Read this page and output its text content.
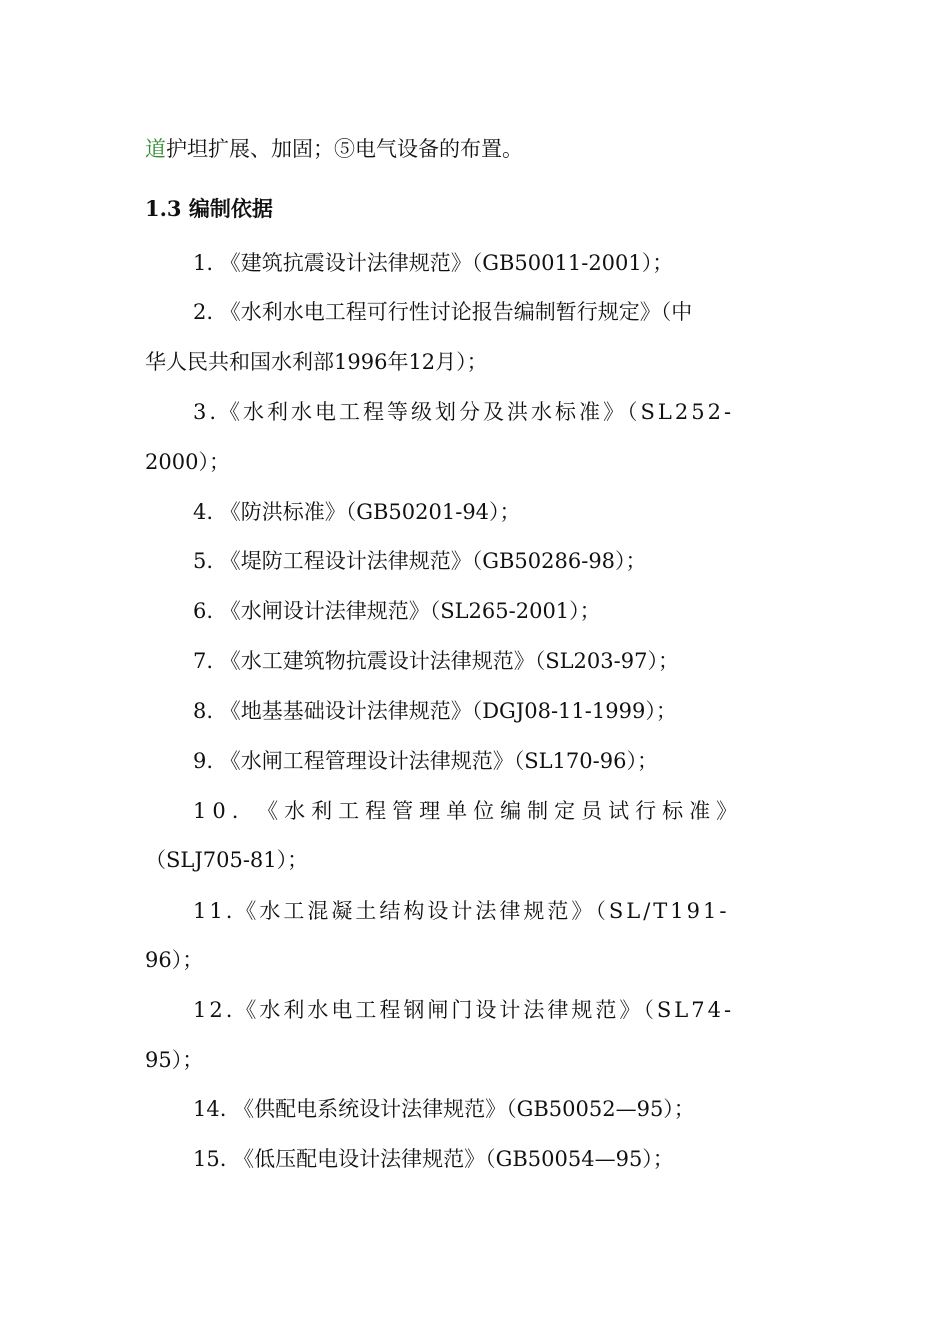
道护坦扩展、加固；⑤电气设备的布置。
1.3 编制依据
1. 《建筑抗震设计法律规范》（GB50011-2001）；
2. 《水利水电工程可行性讨论报告编制暂行规定》（中
华人民共和国水利部1996年12月）；
3.《水利水电工程等级划分及洪水标准》（SL252-
2000）；
4. 《防洪标准》（GB50201-94）；
5. 《堤防工程设计法律规范》（GB50286-98）；
6. 《水闸设计法律规范》（SL265-2001）；
7. 《水工建筑物抗震设计法律规范》（SL203-97）；
8. 《地基基础设计法律规范》（DGJ08-11-1999）；
9. 《水闸工程管理设计法律规范》（SL170-96）；
10. 《水利工程管理单位编制定员试行标准》
（SLJ705-81）；
11.《水工混凝土结构设计法律规范》（SL/T191-
96）；
12.《水利水电工程钢闸门设计法律规范》（SL74-
95）；
14. 《供配电系统设计法律规范》（GB50052—95）；
15. 《低压配电设计法律规范》（GB50054—95）；
